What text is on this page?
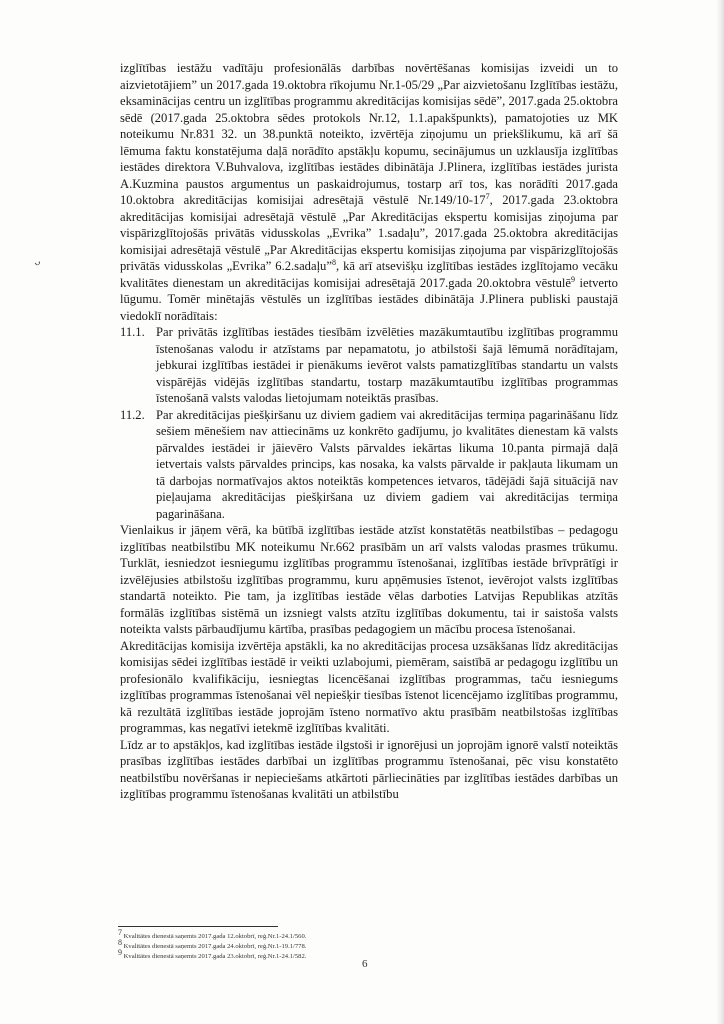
ᴗ

izglītības iestāžu vadītāju profesionālās darbības novērtēšanas komisijas izveidi un to aizvietotājiem” un 2017.gada 19.oktobra rīkojumu Nr.1-05/29 „Par aizvietošanu Izglītības iestāžu, eksaminācijas centru un izglītības programmu akreditācijas komisijas sēdē”, 2017.gada 25.oktobra sēdē (2017.gada 25.oktobra sēdes protokols Nr.12, 1.1.apakšpunkts), pamatojoties uz MK noteikumu Nr.831 32. un 38.punktā noteikto, izvērtēja ziņojumu un priekšlikumu, kā arī šā lēmuma faktu konstatējuma daļā norādīto apstākļu kopumu, secinājumus un uzklausīja izglītības iestādes direktora V.Buhvalova, izglītības iestādes dibinātāja J.Plinera, izglītības iestādes jurista A.Kuzmina paustos argumentus un paskaidrojumus, tostarp arī tos, kas norādīti 2017.gada 10.oktobra akreditācijas komisijai adresētajā vēstulē $Nr.149/10-17^7$, 2017.gada 23.oktobra akreditācijas komisijai adresētajā vēstulē „Par Akreditācijas ekspertu komisijas ziņojuma par vispārizglītojošās privātās vidusskolas „Evrika” 1.sadaļu”, 2017.gada 25.oktobra akreditācijas komisijai adresētajā vēstulē „Par Akreditācijas ekspertu komisijas ziņojuma par vispārizglītojošās privātās vidusskolas „Evrika” 6.2.sadaļu”$^8$, kā arī atsevišķu izglītības iestādes izglītojamo vecāku kvalitātes dienestam un akreditācijas komisijai adresētajā 2017.gada 20.oktobra vēstulē$^9$ ietverto lūgumu. Tomēr minētajās vēstulēs un izglītības iestādes dibinātāja J.Plinera publiski paustajā viedoklī norādītais:

11.1. Par privātās izglītības iestādes tiesībām izvēlēties mazākumtautību izglītības programmu īstenošanas valodu ir atzīstams par nepamatotu, jo atbilstoši šajā lēmumā norādītajam, jebkurai izglītības iestādei ir pienākums ievērot valsts pamatizglītības standartu un valsts vispārējās vidējās izglītības standartu, tostarp mazākumtautību izglītības programmas īstenošanā valsts valodas lietojumam noteiktās prasības.
11.2. Par akreditācijas piešķiršanu uz diviem gadiem vai akreditācijas termiņa pagarināšanu līdz sešiem mēnešiem nav attiecināms uz konkrēto gadījumu, jo kvalitātes dienestam kā valsts pārvaldes iestādei ir jāievēro Valsts pārvaldes iekārtas likuma 10.panta pirmajā daļā ietvertais valsts pārvaldes princips, kas nosaka, ka valsts pārvalde ir pakļauta likumam un tā darbojas normatīvajos aktos noteiktās kompetences ietvaros, tādējādi šajā situācijā nav pieļaujama akreditācijas piešķiršana uz diviem gadiem vai akreditācijas termiņa pagarināšana.

Vienlaikus ir jāņem vērā, ka būtībā izglītības iestāde atzīst konstatētās neatbilstības – pedagogu izglītības neatbilstību MK noteikumu Nr.662 prasībām un arī valsts valodas prasmes trūkumu. Turklāt, iesniedzot iesniegumu izglītības programmu īstenošanai, izglītības iestāde brīvprātīgi ir izvēlējusies atbilstošu izglītības programmu, kuru apņēmusies īstenot, ievērojot valsts izglītības standartā noteikto. Pie tam, ja izglītības iestāde vēlas darboties Latvijas Republikas atzītās formālās izglītības sistēmā un izsniegt valsts atzītu izglītības dokumentu, tai ir saistoša valsts noteikta valsts pārbaudījumu kārtība, prasības pedagogiem un mācību procesa īstenošanai.

Akreditācijas komisija izvērtēja apstākli, ka no akreditācijas procesa uzsākšanas līdz akreditācijas komisijas sēdei izglītības iestādē ir veikti uzlabojumi, piemēram, saistībā ar pedagogu izglītību un profesionālo kvalifikāciju, iesniegtas licencēšanai izglītības programmas, taču iesniegums izglītības programmas īstenošanai vēl nepiešķir tiesības īstenot licencējamo izglītības programmu, kā rezultātā izglītības iestāde joprojām īsteno normatīvo aktu prasībām neatbilstošas izglītības programmas, kas negatīvi ietekmē izglītības kvalitāti.

Līdz ar to apstākļos, kad izglītības iestāde ilgstoši ir ignorējusi un joprojām ignorē valstī noteiktās prasības izglītības iestādes darbībai un izglītības programmu īstenošanai, pēc visu konstatēto neatbilstību novēršanas ir nepieciešams atkārtoti pārliecināties par izglītības iestādes darbības un izglītības programmu īstenošanas kvalitāti un atbilstību

$^7$ Kvalitātes dienestā saņemts 2017.gada 12.oktobrī, reģ.Nr.1-24.1/560.
$^8$ Kvalitātes dienestā saņemts 2017.gada 24.oktobrī, reģ.Nr.1-19.1/778.
$^9$ Kvalitātes dienestā saņemts 2017.gada 23.oktobrī, reģ.Nr.1-24.1/582.
6
